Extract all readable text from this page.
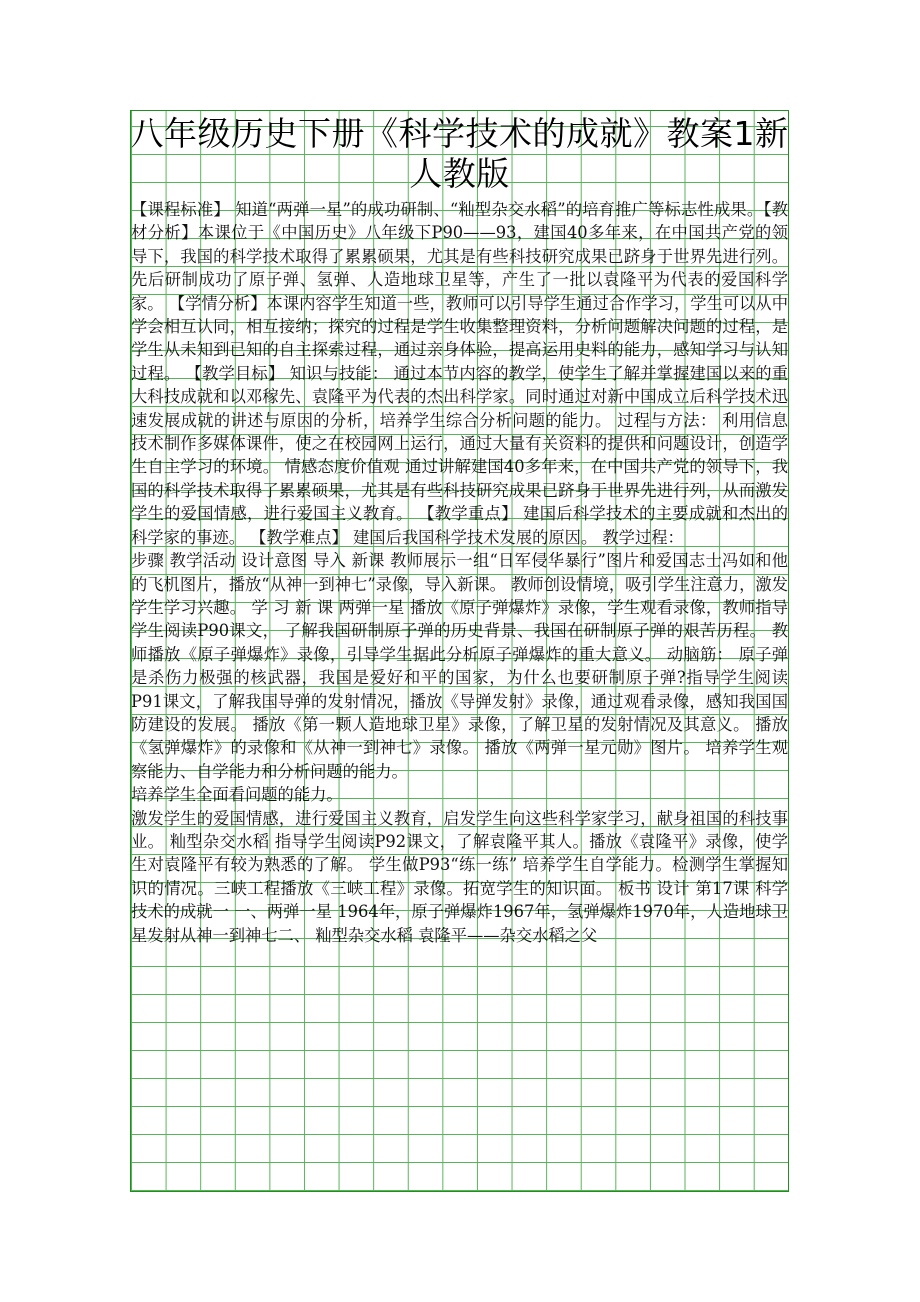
八年级历史下册《科学技术的成就》教案1新人教版

【课程标准】 知道“两弹一星”的成功研制、“籼型杂交水稻”的培育推广等标志性成果。【教材分析】本课位于《中国历史》八年级下P90——93，建国40多年来，在中国共产党的领导下，我国的科学技术取得了累累硕果，尤其是有些科技研究成果已跻身于世界先进行列。先后研制成功了原子弹、氢弹、人造地球卫星等，产生了一批以袁隆平为代表的爱国科学家。 【学情分析】本课内容学生知道一些，教师可以引导学生通过合作学习，学生可以从中学会相互认同，相互接纳；探究的过程是学生收集整理资料，分析问题解决问题的过程，是学生从未知到已知的自主探索过程，通过亲身体验，提高运用史料的能力，感知学习与认知过程。 【教学目标】 知识与技能： 通过本节内容的教学，使学生了解并掌握建国以来的重大科技成就和以邓稼先、袁隆平为代表的杰出科学家。同时通过对新中国成立后科学技术迅速发展成就的讲述与原因的分析，培养学生综合分析问题的能力。 过程与方法： 利用信息技术制作多媒体课件，使之在校园网上运行，通过大量有关资料的提供和问题设计，创造学生自主学习的环境。 情感态度价值观 通过讲解建国40多年来，在中国共产党的领导下，我国的科学技术取得了累累硕果，尤其是有些科技研究成果已跻身于世界先进行列，从而激发学生的爱国情感，进行爱国主义教育。 【教学重点】 建国后科学技术的主要成就和杰出的科学家的事迹。 【教学难点】 建国后我国科学技术发展的原因。 教学过程：

步骤 教学活动 设计意图 导入 新课 教师展示一组“日军侵华暴行”图片和爱国志士冯如和他的飞机图片，播放“从神一到神七”录像，导入新课。 教师创设情境，吸引学生注意力，激发学生学习兴趣。 学 习 新 课 两弹一星 播放《原子弹爆炸》录像，学生观看录像，教师指导学生阅读P90课文， 了解我国研制原子弹的历史背景、我国在研制原子弹的艰苦历程。 教师播放《原子弹爆炸》录像，引导学生据此分析原子弹爆炸的重大意义。 动脑筋： 原子弹是杀伤力极强的核武器，我国是爱好和平的国家，为什么也要研制原子弹?指导学生阅读P91课文，了解我国导弹的发射情况，播放《导弹发射》录像，通过观看录像，感知我国国防建设的发展。 播放《第一颗人造地球卫星》录像，了解卫星的发射情况及其意义。 播放《氢弹爆炸》的录像和《从神一到神七》录像。 播放《两弹一星元勋》图片。 培养学生观察能力、自学能力和分析问题的能力。

培养学生全面看问题的能力。

激发学生的爱国情感，进行爱国主义教育，启发学生向这些科学家学习，献身祖国的科技事业。 籼型杂交水稻 指导学生阅读P92课文，了解袁隆平其人。播放《袁隆平》录像，使学生对袁隆平有较为熟悉的了解。 学生做P93“练一练” 培养学生自学能力。检测学生掌握知识的情况。三峡工程播放《三峡工程》录像。拓宽学生的知识面。 板书 设计 第17课 科学技术的成就一 一、两弹一星 1964年，原子弹爆炸1967年，氢弹爆炸1970年，人造地球卫星发射从神一到神七二、 籼型杂交水稻 袁隆平——杂交水稻之父
